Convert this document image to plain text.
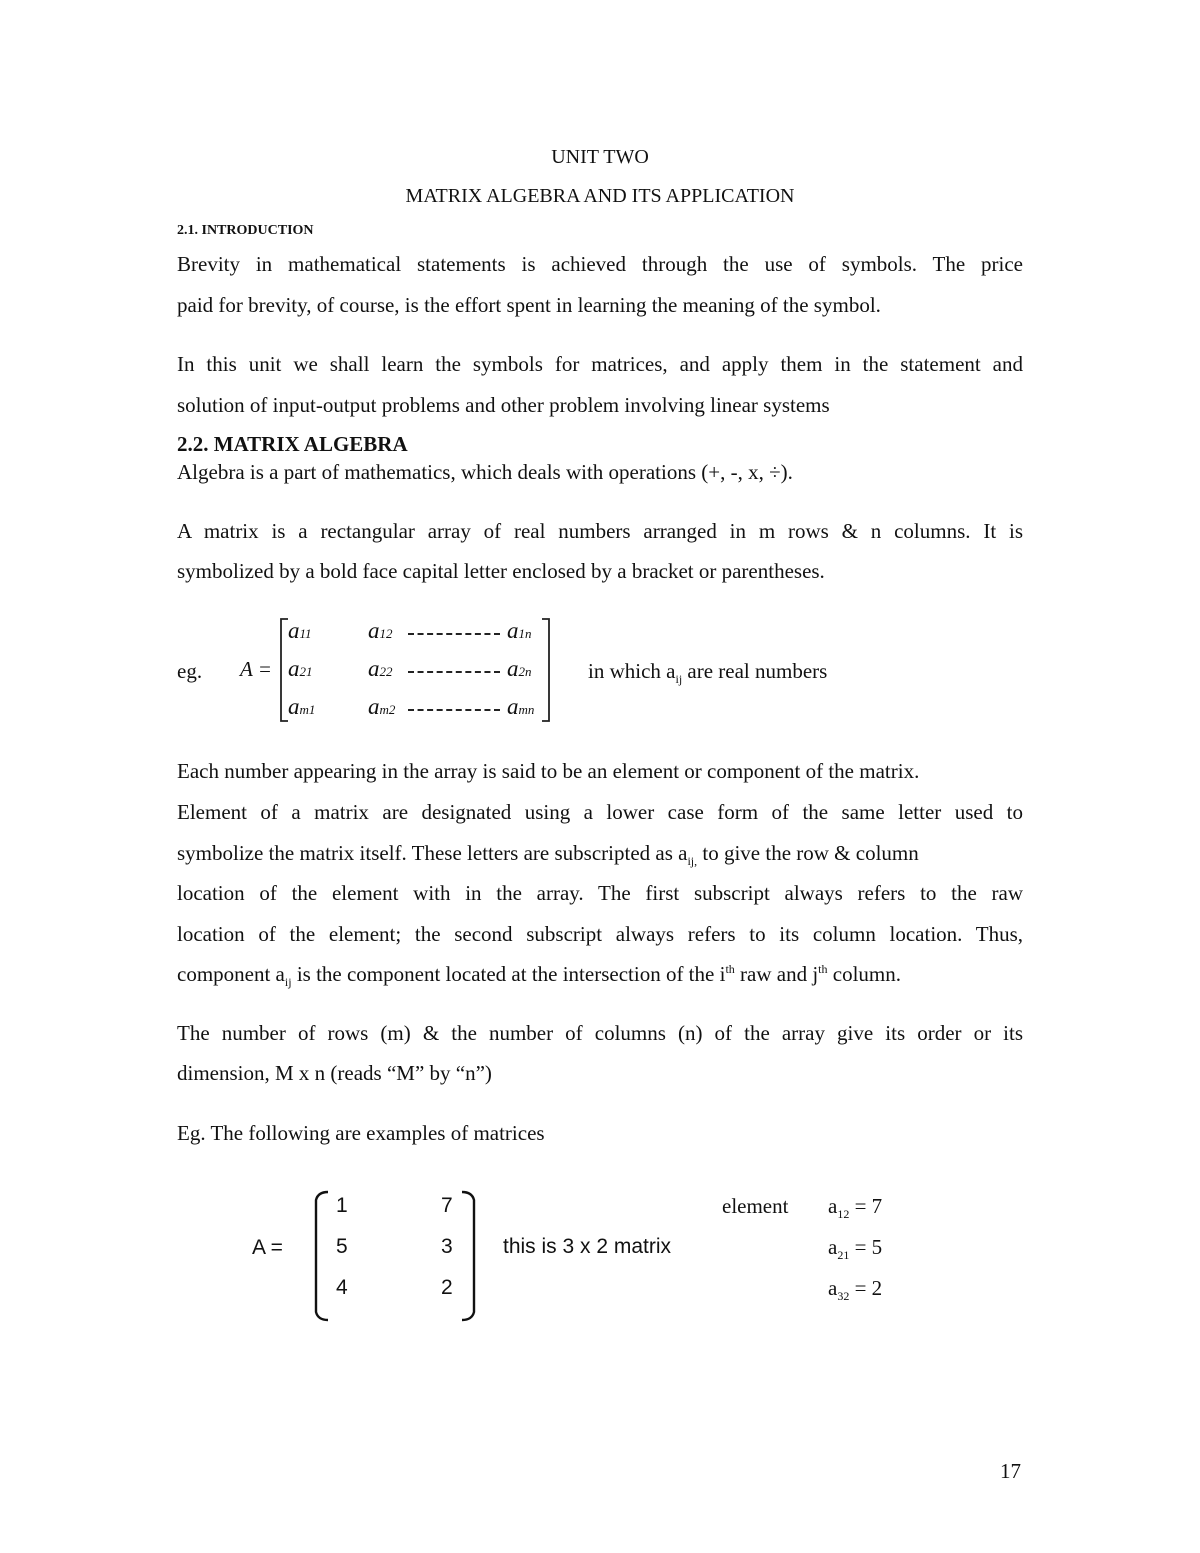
UNIT TWO
MATRIX ALGEBRA AND ITS APPLICATION
2.1. INTRODUCTION
Brevity in mathematical statements is achieved through the use of symbols. The price
paid for brevity, of course, is the effort spent in learning the meaning of the symbol.
In this unit we shall learn the symbols for matrices, and apply them in the statement and
solution of input-output problems and other problem involving linear systems
2.2. MATRIX ALGEBRA
Algebra is a part of mathematics, which deals with operations (+, -, x, ÷).
A matrix is a rectangular array of real numbers arranged in m rows & n columns. It is
symbolized by a bold face capital letter enclosed by a bracket or parentheses.
eg. A =
a11 a12	a1n
a21 a22	a2n
am1 am2	amn
in which $a_{ij}$ are real numbers
Each number appearing in the array is said to be an element or component of the matrix.
Element of a matrix are designated using a lower case form of the same letter used to
symbolize the matrix itself. These letters are subscripted as $a_{ij,}$ to give the row & column
location of the element with in the array. The first subscript always refers to the raw
location of the element; the second subscript always refers to its column location. Thus,
component $a_{ij}$ is the component located at the intersection of the $i^{th}$ raw and $j^{th}$ column.
The number of rows (m) & the number of columns (n) of the array give its order or its
dimension, M x n (reads “M” by “n”)
Eg. The following are examples of matrices
A =
1	7
5	3
4	2
this is 3 x 2 matrix
element $a_{12} = 7$
$a_{21} = 5$
$a_{32} = 2$
17
